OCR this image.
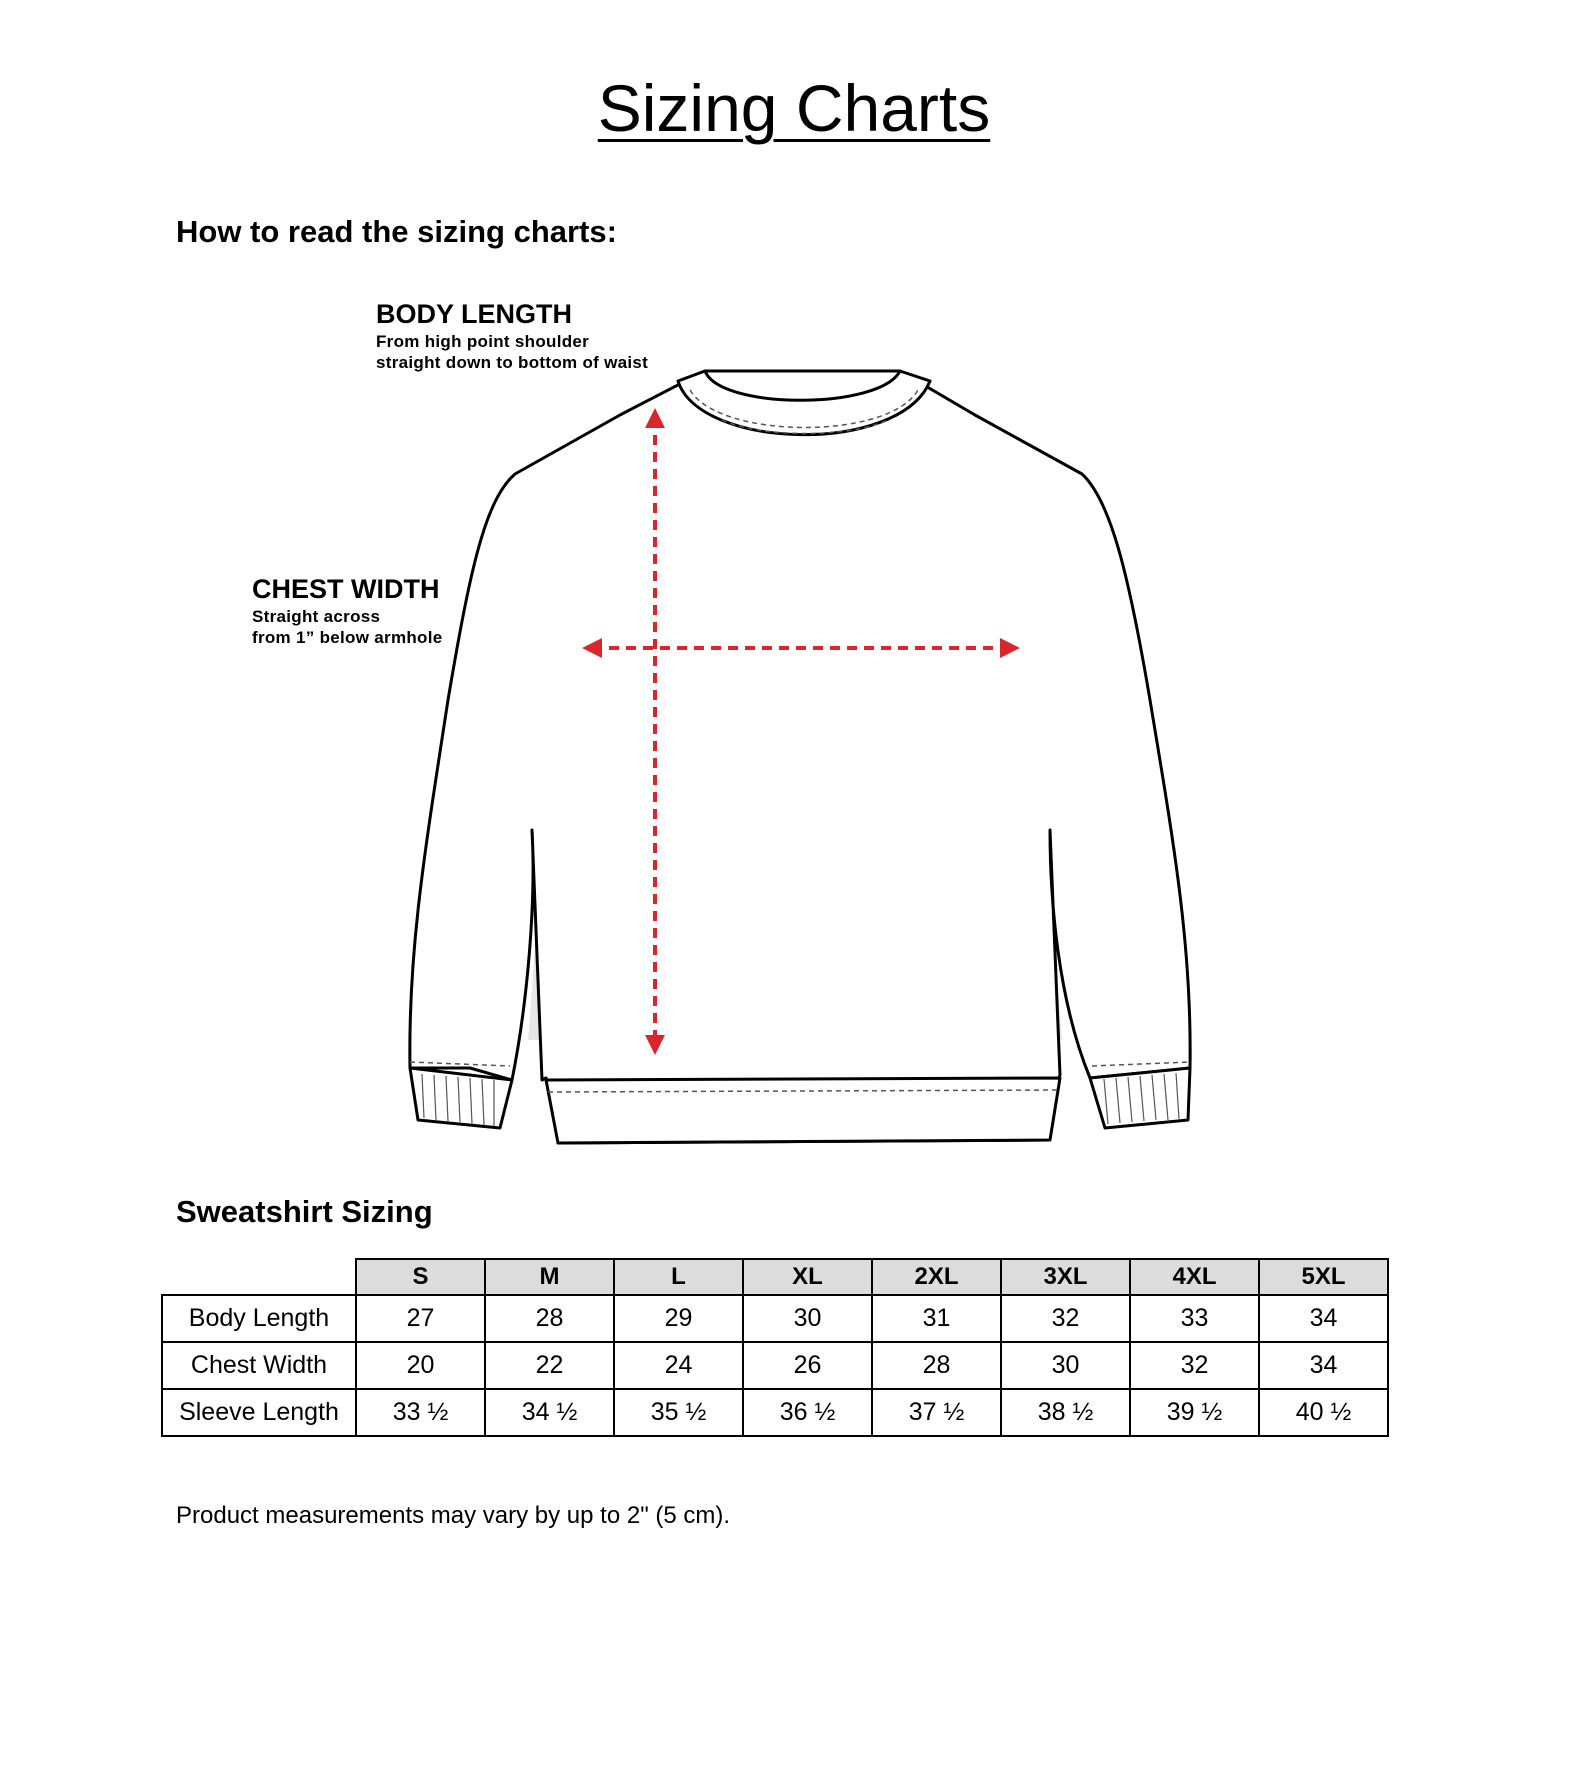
Sizing Charts
How to read the sizing charts:
BODY LENGTH
From high point shoulder
straight down to bottom of waist
CHEST WIDTH
Straight across
from 1” below armhole
Sweatshirt Sizing
	S	M	L	XL	2XL	3XL	4XL	5XL
Body Length	27	28	29	30	31	32	33	34
Chest Width	20	22	24	26	28	30	32	34
Sleeve Length	33 ½	34 ½	35 ½	36 ½	37 ½	38 ½	39 ½	40 ½
Product measurements may vary by up to 2" (5 cm).
